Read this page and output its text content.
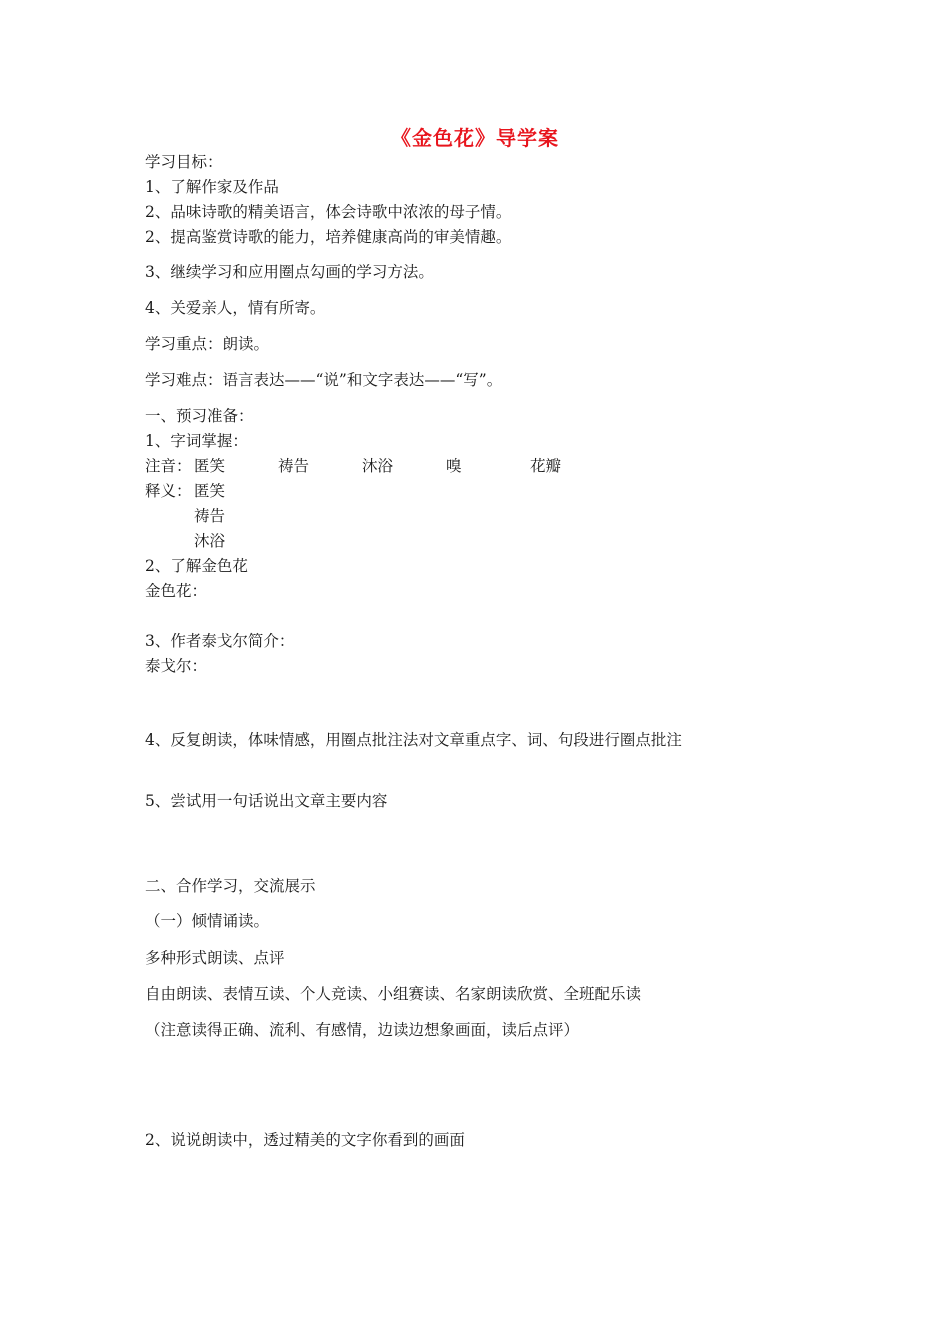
《金色花》导学案
学习目标：
1、了解作家及作品
2、品味诗歌的精美语言，体会诗歌中浓浓的母子情。
2、提高鉴赏诗歌的能力，培养健康高尚的审美情趣。
3、继续学习和应用圈点勾画的学习方法。
4、关爱亲人，情有所寄。
学习重点：朗读。
学习难点：语言表达——“说”和文字表达——“写”。
一、预习准备：
1、字词掌握：
注音： 匿笑	祷告	沐浴	嗅	花瓣
释义： 匿笑
祷告
沐浴
2、了解金色花
金色花：
3、作者泰戈尔简介：
泰戈尔：
4、反复朗读，体味情感，用圈点批注法对文章重点字、词、句段进行圈点批注
5、尝试用一句话说出文章主要内容
二、合作学习，交流展示
（一）倾情诵读。
多种形式朗读、点评
自由朗读、表情互读、个人竞读、小组赛读、名家朗读欣赏、全班配乐读
（注意读得正确、流利、有感情，边读边想象画面，读后点评）
2、说说朗读中，透过精美的文字你看到的画面
